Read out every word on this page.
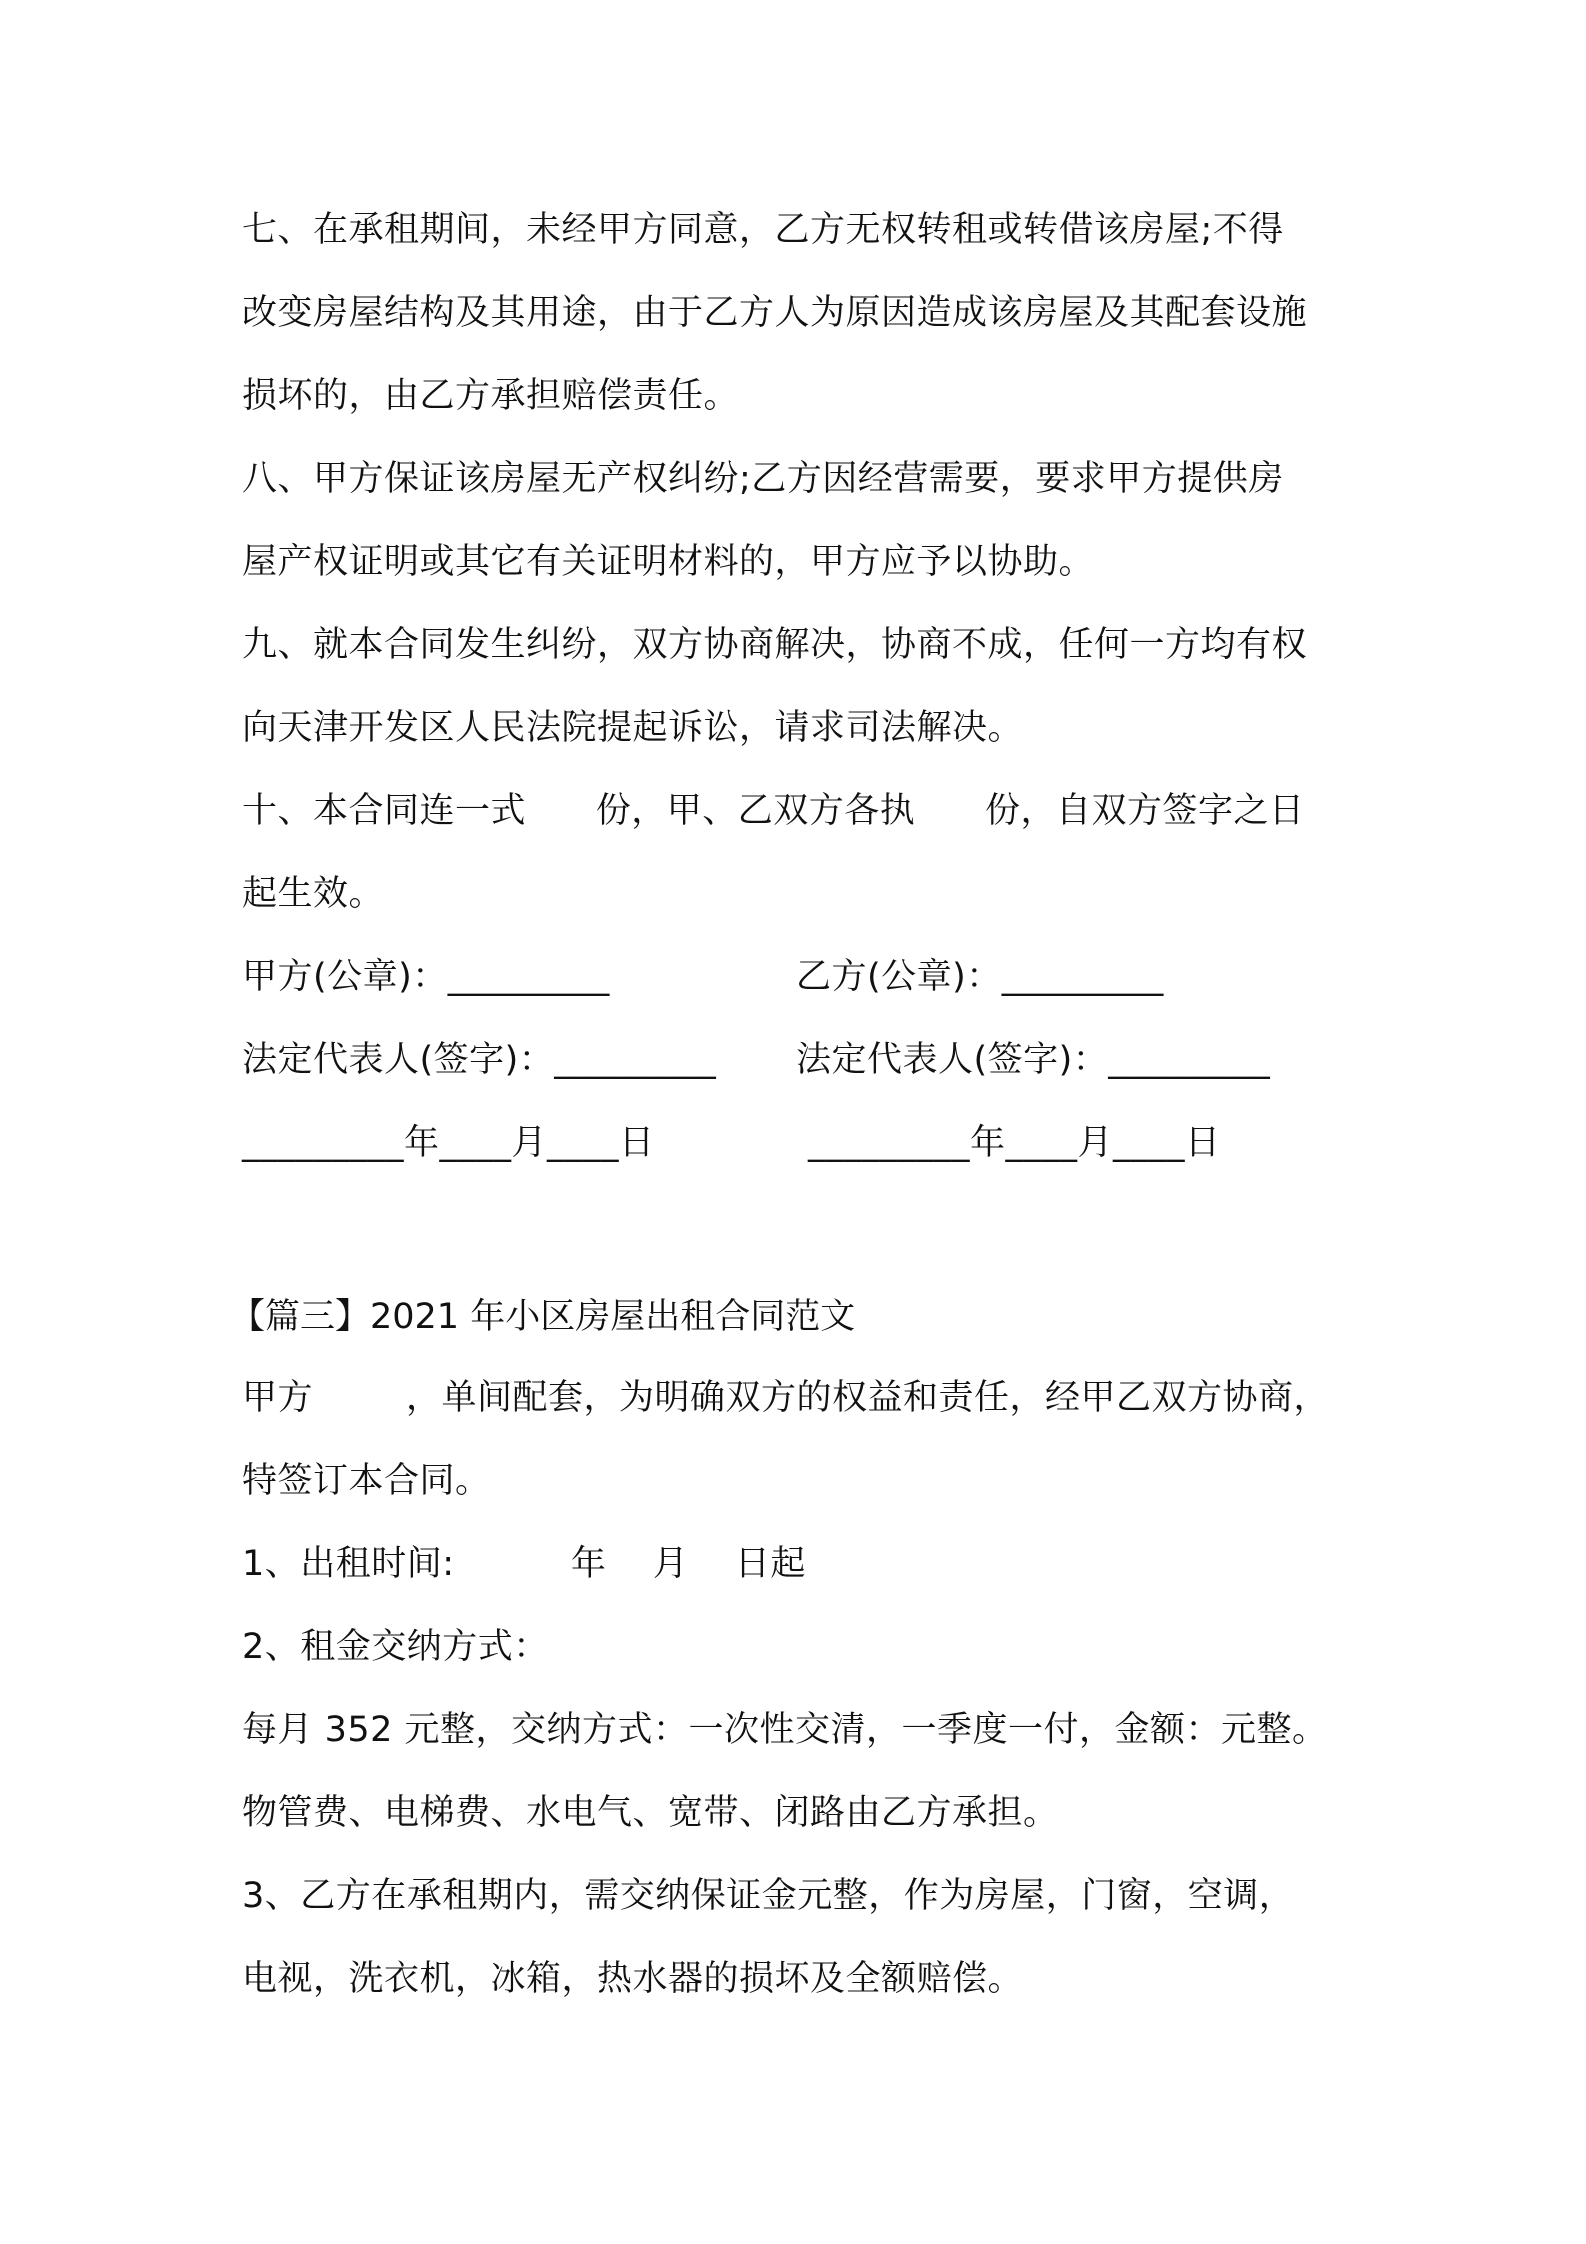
七、在承租期间，未经甲方同意，乙方无权转租或转借该房屋;不得
改变房屋结构及其用途，由于乙方人为原因造成该房屋及其配套设施
损坏的，由乙方承担赔偿责任。
八、甲方保证该房屋无产权纠纷;乙方因经营需要，要求甲方提供房
屋产权证明或其它有关证明材料的，甲方应予以协助。
九、就本合同发生纠纷，双方协商解决，协商不成，任何一方均有权
向天津开发区人民法院提起诉讼，请求司法解决。
十、本合同连一式      份，甲、乙双方各执      份，自双方签字之日
起生效。
甲方(公章)：_________	乙方(公章)：_________
法定代表人(签字)：_________ 法定代表人(签字)：_________
_________年____月____日	_________年____月____日
【篇三】2021 年小区房屋出租合同范文
甲方        ，单间配套，为明确双方的权益和责任，经甲乙双方协商，
特签订本合同。
1、出租时间:          年    月    日起
2、租金交纳方式：
每月 352 元整，交纳方式：一次性交清，一季度一付，金额：元整。
物管费、电梯费、水电气、宽带、闭路由乙方承担。
3、乙方在承租期内，需交纳保证金元整，作为房屋，门窗，空调，
电视，洗衣机，冰箱，热水器的损坏及全额赔偿。
